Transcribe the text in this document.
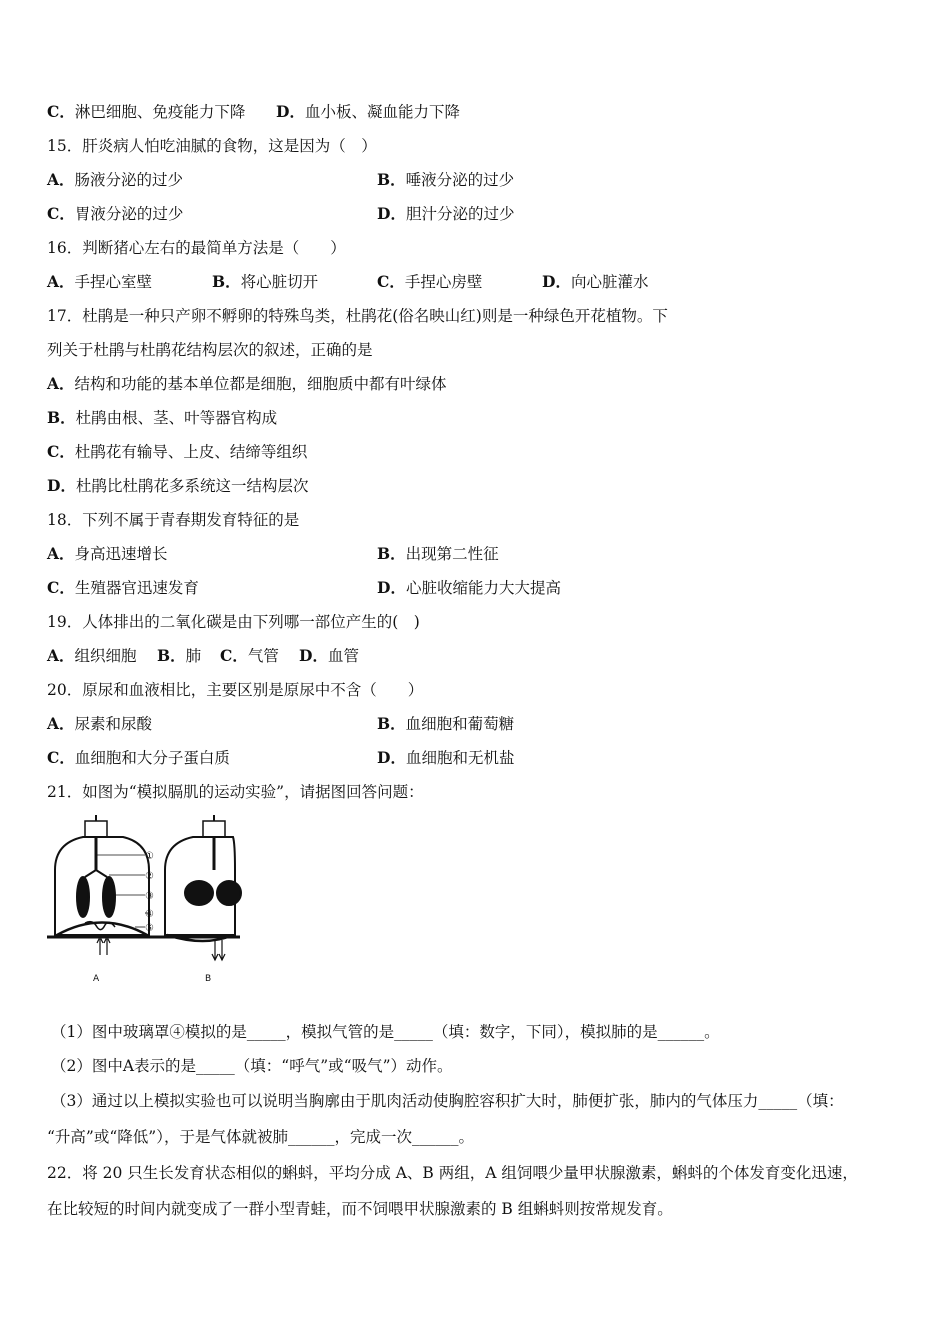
C．淋巴细胞、免疫能力下降 D．血小板、凝血能力下降
15．肝炎病人怕吃油腻的食物，这是因为（　）
A．肠液分泌的过少	B．唾液分泌的过少
C．胃液分泌的过少	D．胆汁分泌的过少
16．判断猪心左右的最简单方法是（　　）
A．手捏心室壁	B．将心脏切开	C．手捏心房壁	D．向心脏灌水
17．杜鹃是一种只产卵不孵卵的特殊鸟类，杜鹃花(俗名映山红)则是一种绿色开花植物。下
列关于杜鹃与杜鹃花结构层次的叙述，正确的是
A．结构和功能的基本单位都是细胞，细胞质中都有叶绿体
B．杜鹃由根、茎、叶等器官构成
C．杜鹃花有输导、上皮、结缔等组织
D．杜鹃比杜鹃花多系统这一结构层次
18．下列不属于青春期发育特征的是
A．身高迅速增长	B．出现第二性征
C．生殖器官迅速发育	D．心脏收缩能力大大提高
19．人体排出的二氧化碳是由下列哪一部位产生的(　)
A．组织细胞 B．肺 C．气管 D．血管
20．原尿和血液相比，主要区别是原尿中不含（　　）
A．尿素和尿酸	B．血细胞和葡萄糖
C．血细胞和大分子蛋白质	D．血细胞和无机盐
21．如图为“模拟膈肌的运动实验”，请据图回答问题：
①
②
③
④
⑤
A	B
（1）图中玻璃罩④模拟的是_____，模拟气管的是_____（填：数字，下同），模拟肺的是______。
（2）图中A表示的是_____（填：“呼气”或“吸气”）动作。
（3）通过以上模拟实验也可以说明当胸廓由于肌肉活动使胸腔容积扩大时，肺便扩张，肺内的气体压力_____（填：
“升高”或“降低”），于是气体就被肺______，完成一次______。
22．将 20 只生长发育状态相似的蝌蚪，平均分成 A、B 两组，A 组饲喂少量甲状腺激素，蝌蚪的个体发育变化迅速，
在比较短的时间内就变成了一群小型青蛙，而不饲喂甲状腺激素的 B 组蝌蚪则按常规发育。
